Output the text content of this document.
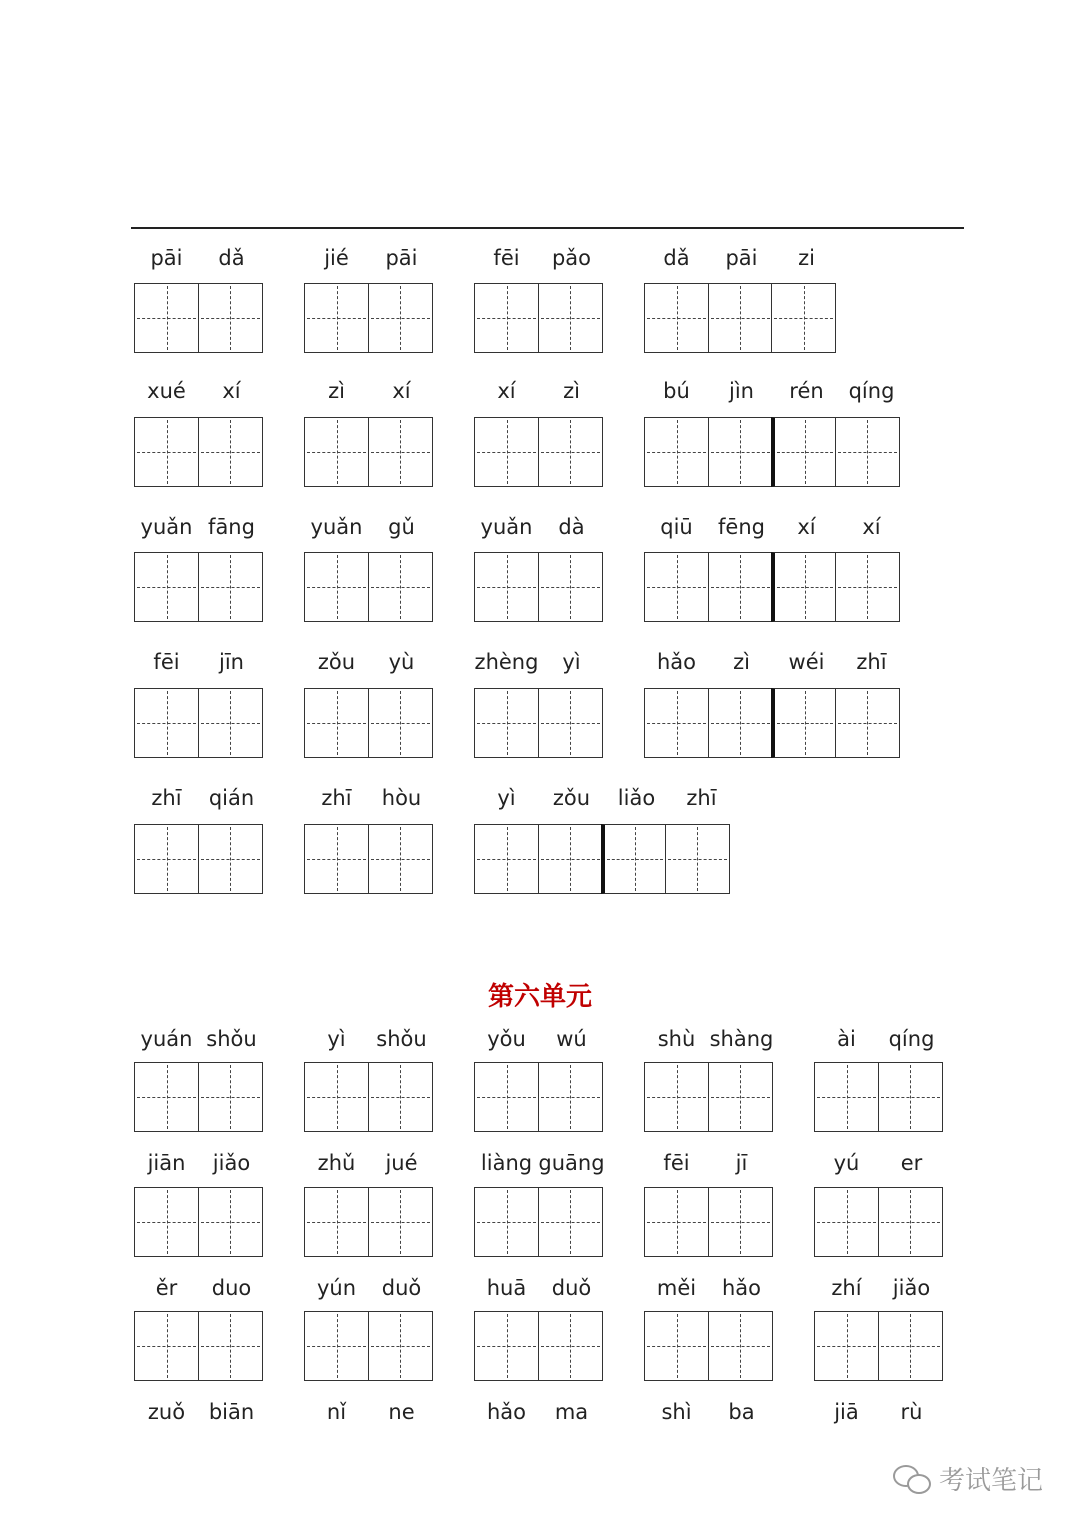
pāi dǎ	jié pāi	fēi pǎo	dǎ pāi zi
xué xí	zì xí	xí zì	bú jìn rén qíng
yuǎn fāng	yuǎn gǔ	yuǎn dà	qiū fēng xí xí
fēi jīn	zǒu yù	zhèng yì	hǎo zì wéi zhī
zhī qián	zhī hòu	yì zǒu liǎo zhī
第六单元
yuán shǒu	yì shǒu	yǒu wú	shù shàng	ài qíng
jiān jiǎo	zhǔ jué	liàng guāng	fēi jī	yú er
ěr duo	yún duǒ	huā duǒ	měi hǎo	zhí jiǎo
zuǒ biān	nǐ ne	hǎo ma	shì ba	jiā rù
考试笔记
